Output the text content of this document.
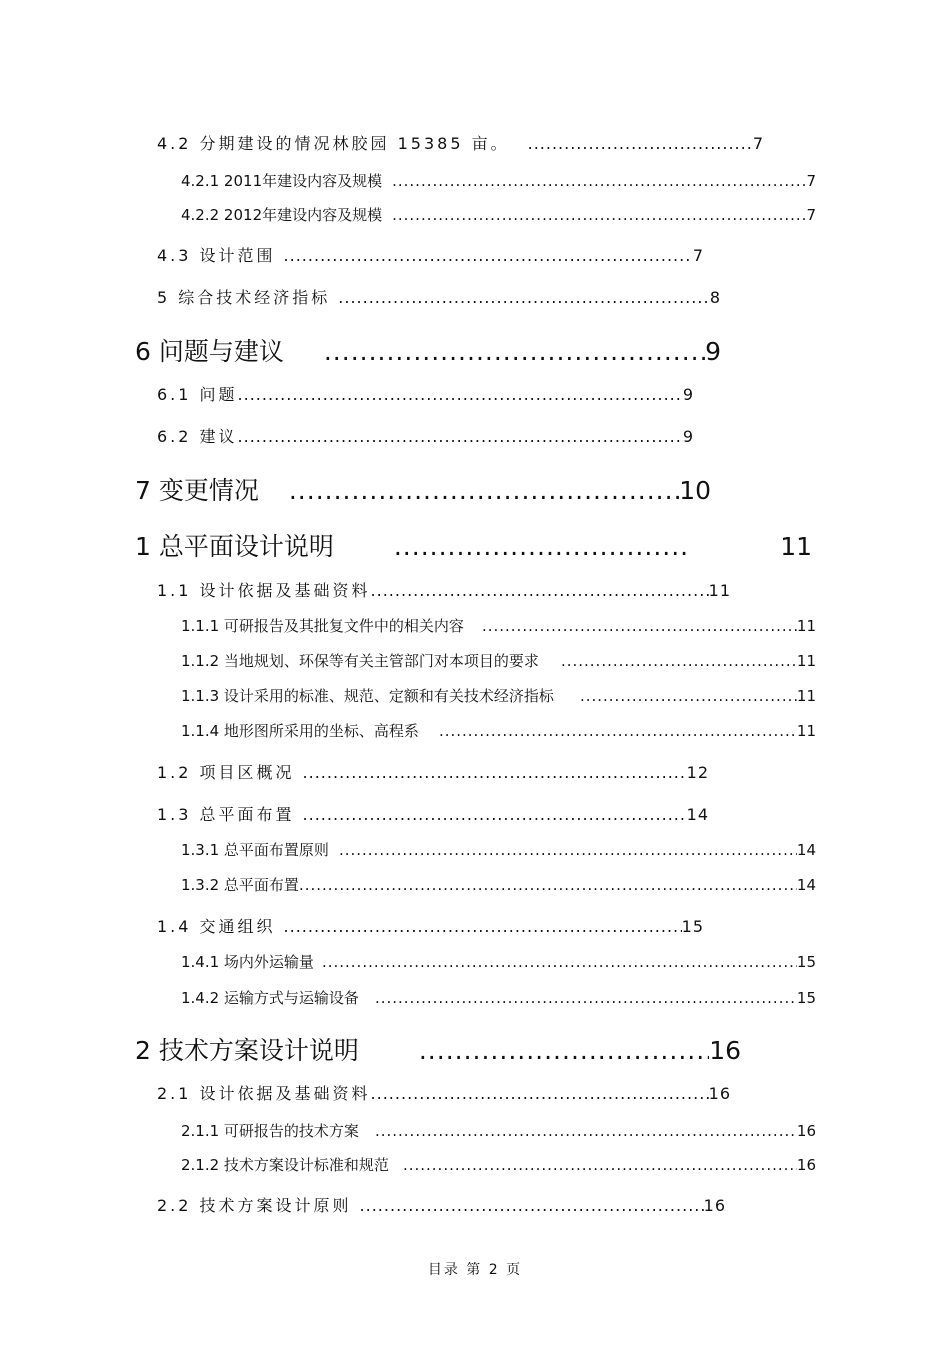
4.2 分期建设的情况林胶园 15385 亩。 .....	7
4.2.1 2011年建设内容及规模 .....	7
4.2.2 2012年建设内容及规模 .....	7
4.3 设计范围 .....	7
5 综合技术经济指标 .....	8
6 问题与建议 .....	9
6.1 问题 .....	9
6.2 建议 .....	9
7 变更情况 .....	10
1 总平面设计说明 .....	11
1.1 设计依据及基础资料 .....	11
1.1.1 可研报告及其批复文件中的相关内容 .....	11
1.1.2 当地规划、环保等有关主管部门对本项目的要求 .....	11
1.1.3 设计采用的标准、规范、定额和有关技术经济指标 .....	11
1.1.4 地形图所采用的坐标、高程系 .....	11
1.2 项目区概况 .....	12
1.3 总平面布置 .....	14
1.3.1 总平面布置原则 .....	14
1.3.2 总平面布置 .....	14
1.4 交通组织 .....	15
1.4.1 场内外运输量 .....	15
1.4.2 运输方式与运输设备 .....	15
2 技术方案设计说明 .....	16
2.1 设计依据及基础资料 .....	16
2.1.1 可研报告的技术方案 .....	16
2.1.2 技术方案设计标准和规范 .....	16
2.2 技术方案设计原则 .....	16
目录 第 2 页
